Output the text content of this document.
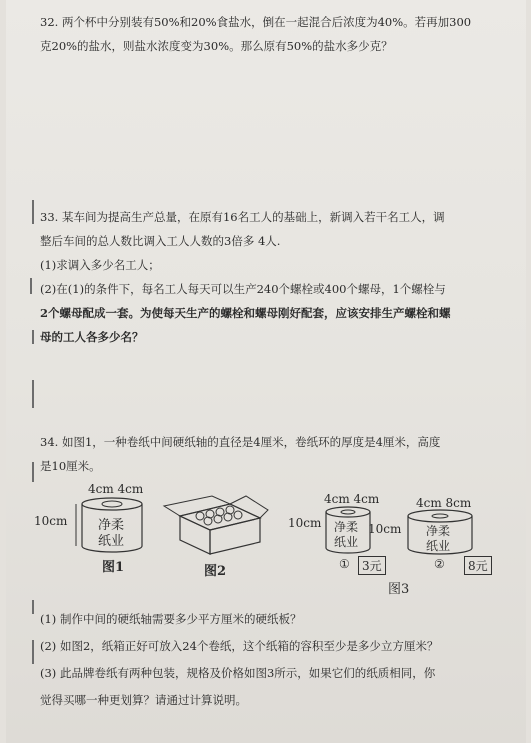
32. 两个杯中分别装有50%和20%食盐水，倒在一起混合后浓度为40%。若再加300
克20%的盐水，则盐水浓度变为30%。那么原有50%的盐水多少克？
33. 某车间为提高生产总量，在原有16名工人的基础上，新调入若干名工人，调
整后车间的总人数比调入工人人数的3倍多 4人.
(1)求调入多少名工人；
(2)在(1)的条件下，每名工人每天可以生产240个螺栓或400个螺母，1个螺栓与
2个螺母配成一套。为使每天生产的螺栓和螺母刚好配套，应该安排生产螺栓和螺
母的工人各多少名？
34. 如图1，一种卷纸中间硬纸轴的直径是4厘米，卷纸环的厚度是4厘米，高度
是10厘米。
4cm 4cm
10cm 净柔
纸业
图1	图2
4cm 4cm
10cm 净柔
纸业
①	3元
4cm 8cm
10cm 净柔
纸业
②	8元
图3
(1) 制作中间的硬纸轴需要多少平方厘米的硬纸板？
(2) 如图2，纸箱正好可放入24个卷纸，这个纸箱的容积至少是多少立方厘米？
(3) 此品牌卷纸有两种包装，规格及价格如图3所示，如果它们的纸质相同，你
觉得买哪一种更划算？请通过计算说明。
